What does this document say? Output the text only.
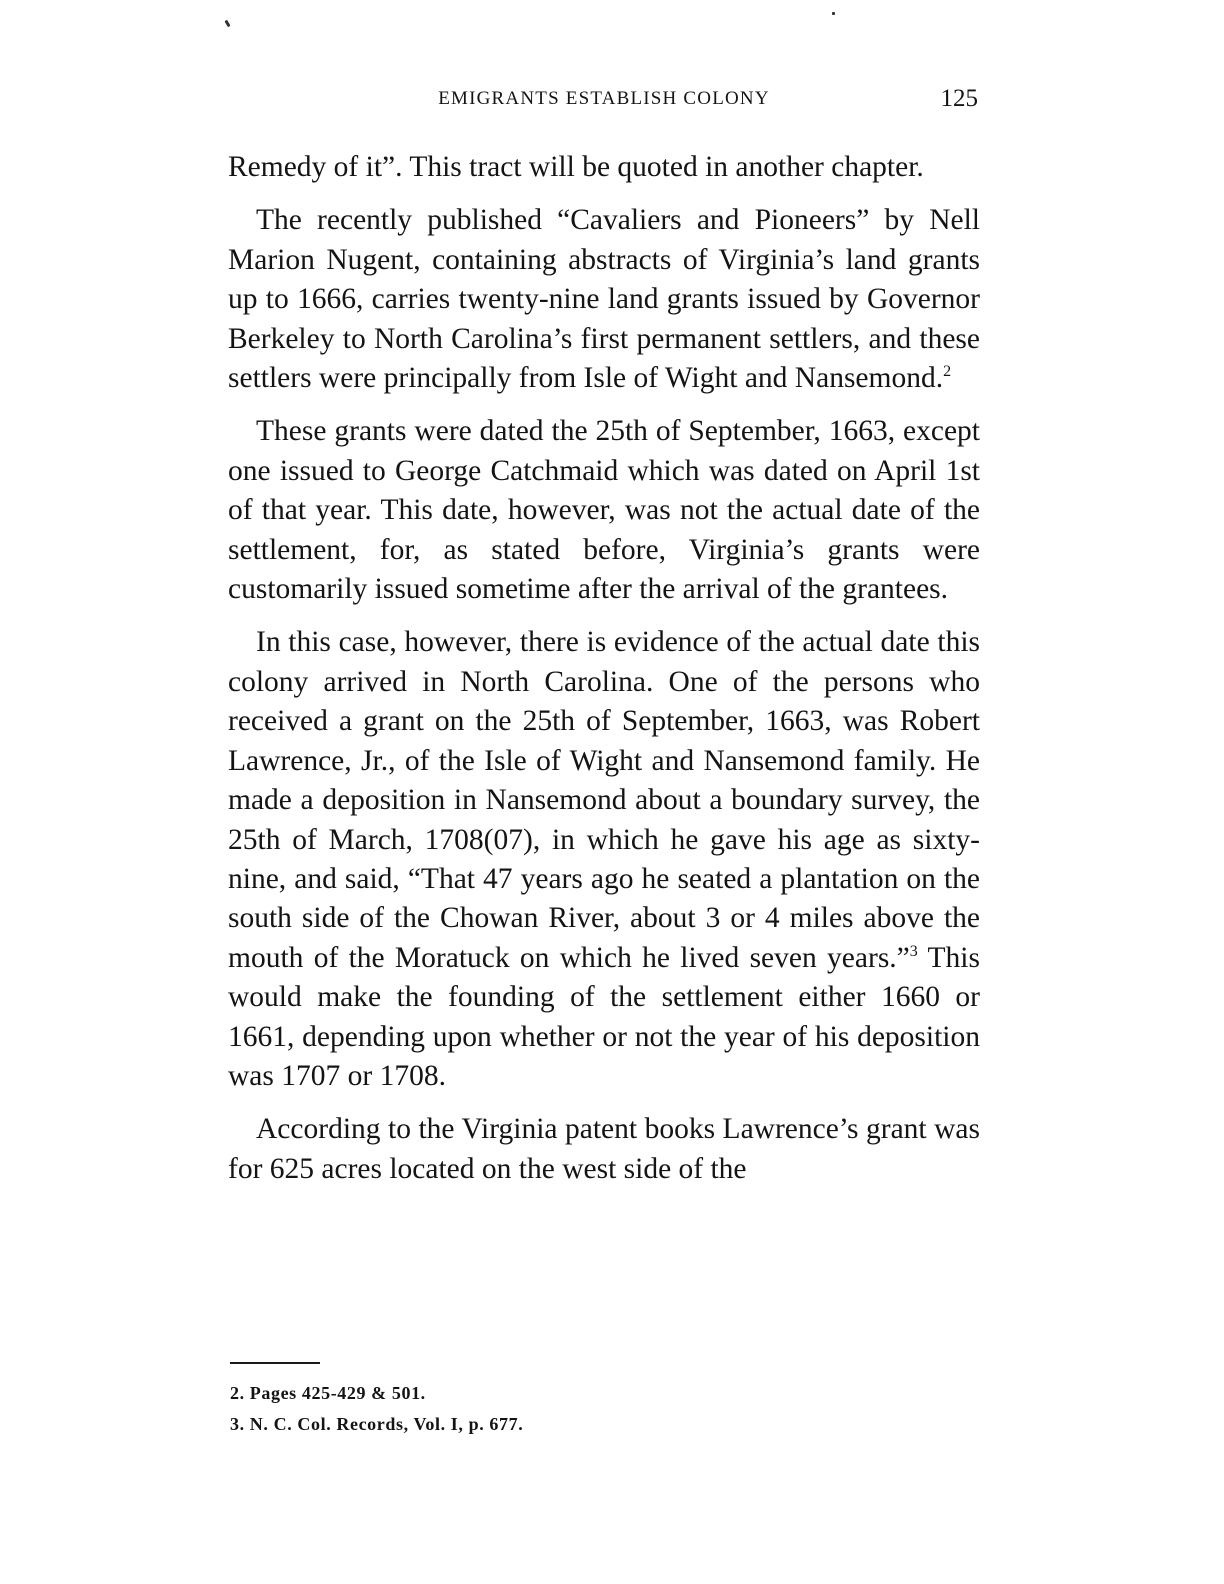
EMIGRANTS ESTABLISH COLONY	125

Remedy of it”. This tract will be quoted in another chapter.

The recently published “Cavaliers and Pioneers” by Nell Marion Nugent, containing abstracts of Virginia’s land grants up to 1666, carries twenty-nine land grants issued by Governor Berkeley to North Carolina’s first permanent settlers, and these settlers were principally from Isle of Wight and Nansemond.$^2$

These grants were dated the 25th of September, 1663, except one issued to George Catchmaid which was dated on April 1st of that year. This date, however, was not the actual date of the settlement, for, as stated before, Virginia’s grants were customarily issued sometime after the arrival of the grantees.

In this case, however, there is evidence of the actual date this colony arrived in North Carolina. One of the persons who received a grant on the 25th of September, 1663, was Robert Lawrence, Jr., of the Isle of Wight and Nansemond family. He made a deposition in Nansemond about a boundary survey, the 25th of March, 1708(07), in which he gave his age as sixty-nine, and said, “That 47 years ago he seated a plantation on the south side of the Chowan River, about 3 or 4 miles above the mouth of the Moratuck on which he lived seven years.”$^3$ This would make the founding of the settlement either 1660 or 1661, depending upon whether or not the year of his deposition was 1707 or 1708.

According to the Virginia patent books Lawrence’s grant was for 625 acres located on the west side of the

2. Pages 425-429 & 501.
3. N. C. Col. Records, Vol. I, p. 677.
